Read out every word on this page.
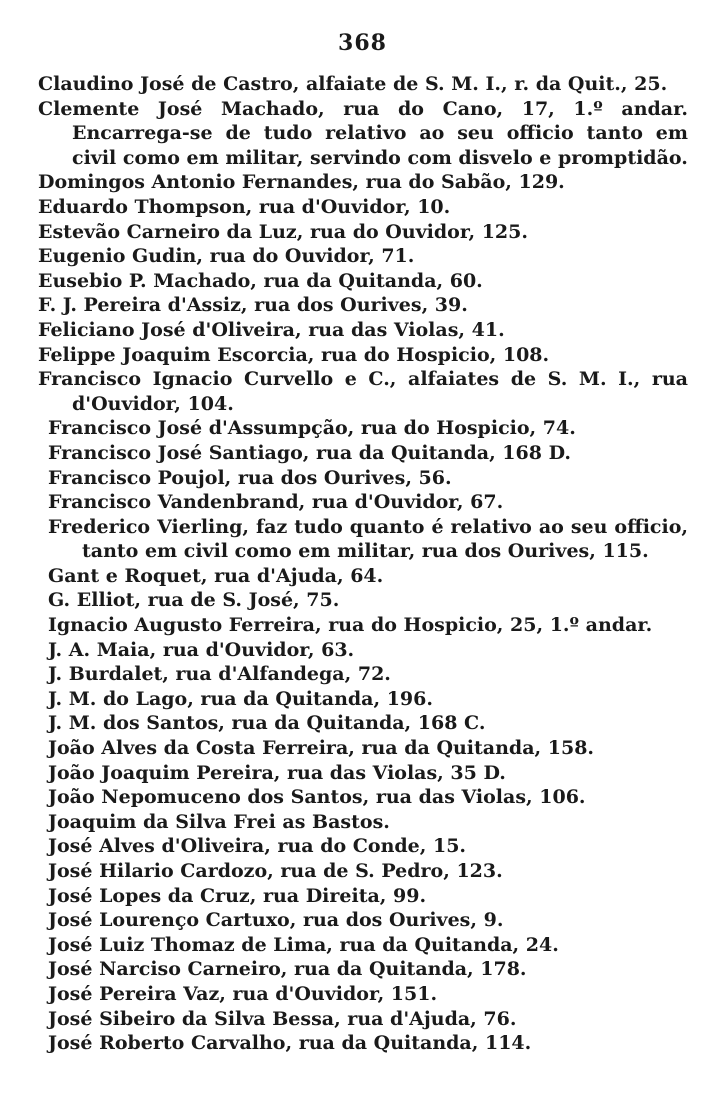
368

Claudino José de Castro, alfaiate de S. M. I., r. da Quit., 25.

Clemente José Machado, rua do Cano, 17, 1.º andar. Encarrega-se de tudo relativo ao seu officio tanto em civil como em militar, servindo com disvelo e promptidão.

Domingos Antonio Fernandes, rua do Sabão, 129.

Eduardo Thompson, rua d'Ouvidor, 10.

Estevão Carneiro da Luz, rua do Ouvidor, 125.

Eugenio Gudin, rua do Ouvidor, 71.

Eusebio P. Machado, rua da Quitanda, 60.

F. J. Pereira d'Assiz, rua dos Ourives, 39.

Feliciano José d'Oliveira, rua das Violas, 41.

Felippe Joaquim Escorcia, rua do Hospicio, 108.

Francisco Ignacio Curvello e C., alfaiates de S. M. I., rua d'Ouvidor, 104.

Francisco José d'Assumpção, rua do Hospicio, 74.

Francisco José Santiago, rua da Quitanda, 168 D.

Francisco Poujol, rua dos Ourives, 56.

Francisco Vandenbrand, rua d'Ouvidor, 67.

Frederico Vierling, faz tudo quanto é relativo ao seu officio, tanto em civil como em militar, rua dos Ourives, 115.

Gant e Roquet, rua d'Ajuda, 64.

G. Elliot, rua de S. José, 75.

Ignacio Augusto Ferreira, rua do Hospicio, 25, 1.º andar.

J. A. Maia, rua d'Ouvidor, 63.

J. Burdalet, rua d'Alfandega, 72.

J. M. do Lago, rua da Quitanda, 196.

J. M. dos Santos, rua da Quitanda, 168 C.

João Alves da Costa Ferreira, rua da Quitanda, 158.

João Joaquim Pereira, rua das Violas, 35 D.

João Nepomuceno dos Santos, rua das Violas, 106.

Joaquim da Silva Frei as Bastos.

José Alves d'Oliveira, rua do Conde, 15.

José Hilario Cardozo, rua de S. Pedro, 123.

José Lopes da Cruz, rua Direita, 99.

José Lourenço Cartuxo, rua dos Ourives, 9.

José Luiz Thomaz de Lima, rua da Quitanda, 24.

José Narciso Carneiro, rua da Quitanda, 178.

José Pereira Vaz, rua d'Ouvidor, 151.

José Sibeiro da Silva Bessa, rua d'Ajuda, 76.

José Roberto Carvalho, rua da Quitanda, 114.
